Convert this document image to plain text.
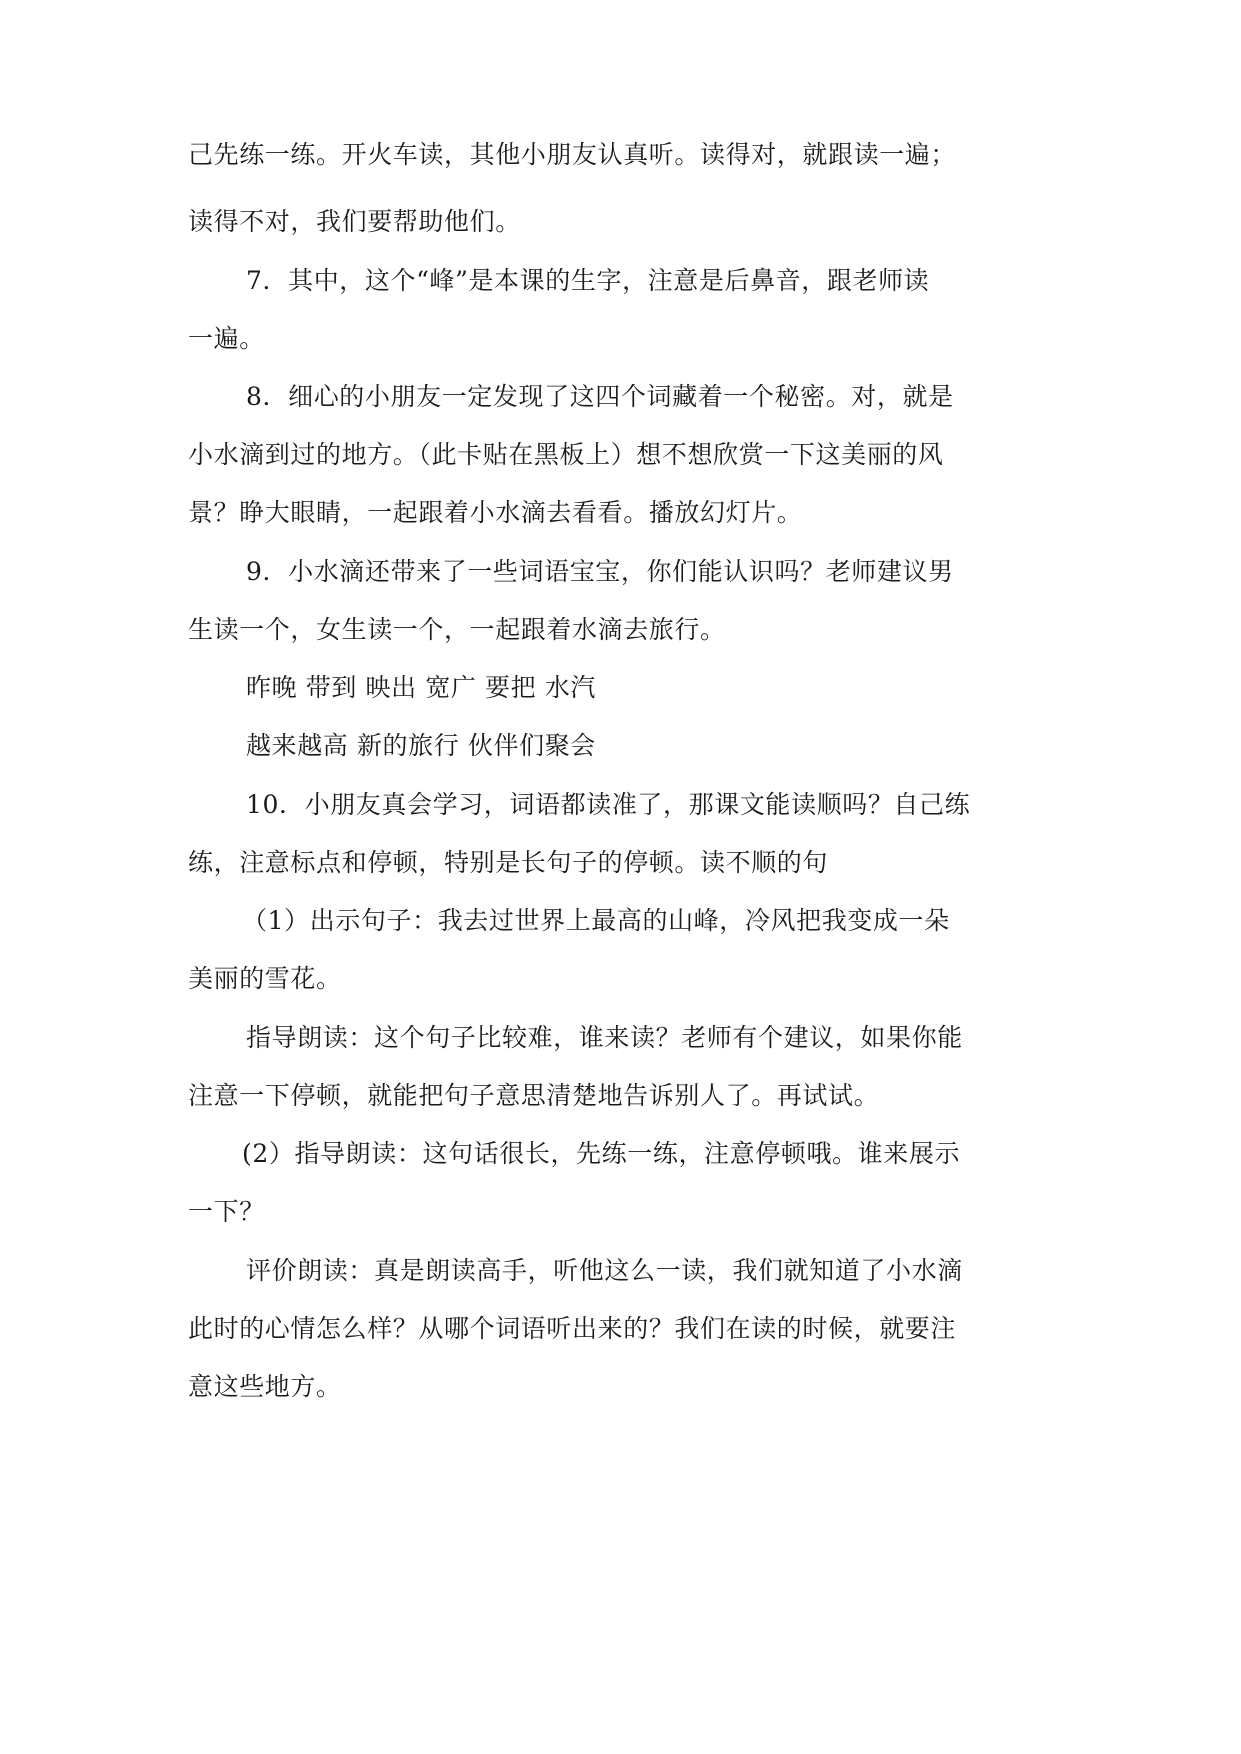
己先练一练。开火车读，其他小朋友认真听。读得对，就跟读一遍；
读得不对，我们要帮助他们。
7．其中，这个“峰”是本课的生字，注意是后鼻音，跟老师读
一遍。
8．细心的小朋友一定发现了这四个词藏着一个秘密。对，就是
小水滴到过的地方。（此卡贴在黑板上）想不想欣赏一下这美丽的风
景？睁大眼睛，一起跟着小水滴去看看。播放幻灯片。
9．小水滴还带来了一些词语宝宝，你们能认识吗？老师建议男
生读一个，女生读一个，一起跟着水滴去旅行。
昨晚 带到 映出 宽广 要把 水汽
越来越高 新的旅行 伙伴们聚会
10．小朋友真会学习，词语都读准了，那课文能读顺吗？自己练
练，注意标点和停顿，特别是长句子的停顿。读不顺的句
（1）出示句子：我去过世界上最高的山峰，冷风把我变成一朵
美丽的雪花。
指导朗读：这个句子比较难，谁来读？老师有个建议，如果你能
注意一下停顿，就能把句子意思清楚地告诉别人了。再试试。
(2）指导朗读：这句话很长，先练一练，注意停顿哦。谁来展示
一下？
评价朗读：真是朗读高手，听他这么一读，我们就知道了小水滴
此时的心情怎么样？从哪个词语听出来的？我们在读的时候，就要注
意这些地方。
